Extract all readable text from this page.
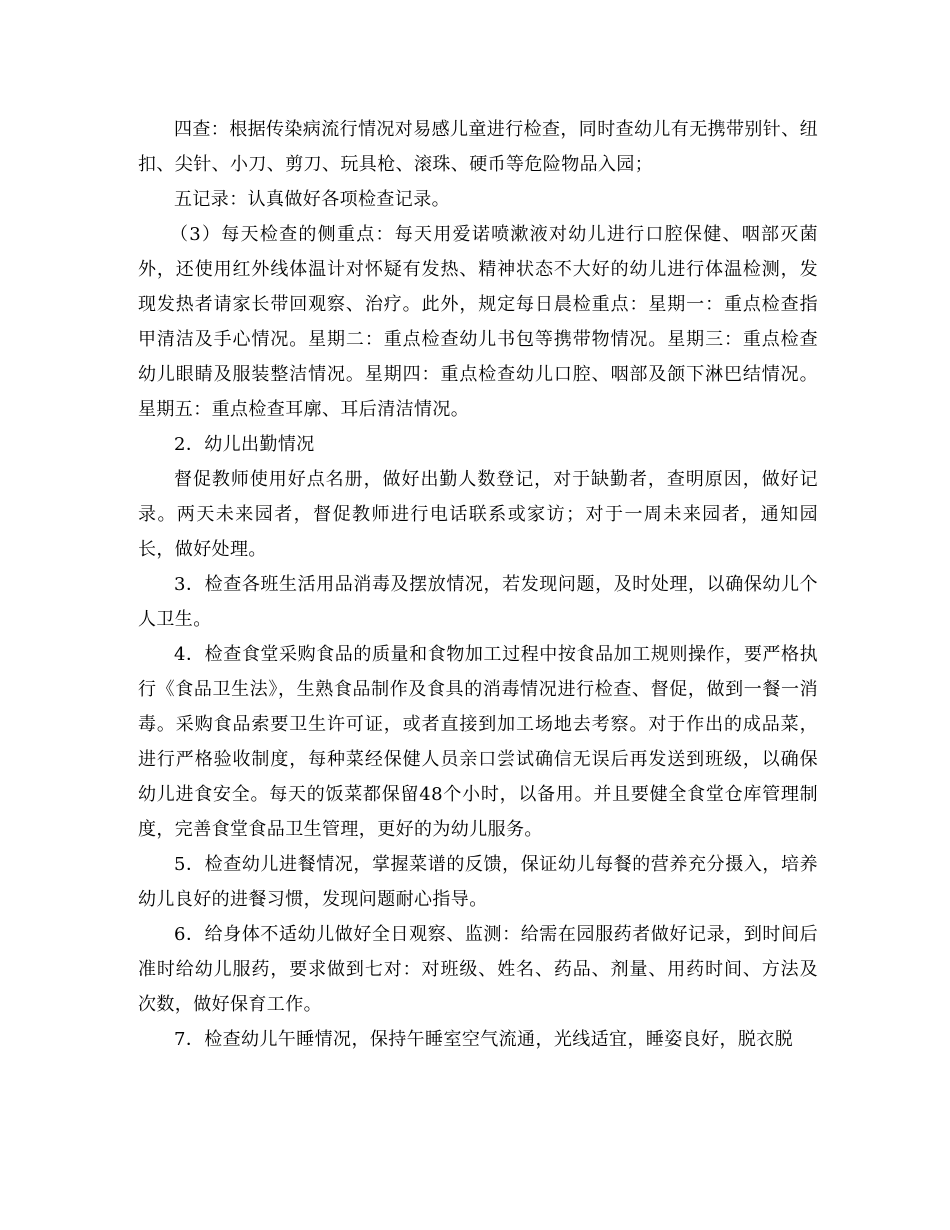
四查：根据传染病流行情况对易感儿童进行检查，同时查幼儿有无携带别针、纽扣、尖针、小刀、剪刀、玩具枪、滚珠、硬币等危险物品入园；

五记录：认真做好各项检查记录。

（3）每天检查的侧重点：每天用爱诺喷漱液对幼儿进行口腔保健、咽部灭菌外，还使用红外线体温计对怀疑有发热、精神状态不大好的幼儿进行体温检测，发现发热者请家长带回观察、治疗。此外，规定每日晨检重点：星期一：重点检查指甲清洁及手心情况。星期二：重点检查幼儿书包等携带物情况。星期三：重点检查幼儿眼睛及服装整洁情况。星期四：重点检查幼儿口腔、咽部及颌下淋巴结情况。星期五：重点检查耳廓、耳后清洁情况。

2．幼儿出勤情况

督促教师使用好点名册，做好出勤人数登记，对于缺勤者，查明原因，做好记录。两天未来园者，督促教师进行电话联系或家访；对于一周未来园者，通知园长，做好处理。

3．检查各班生活用品消毒及摆放情况，若发现问题，及时处理，以确保幼儿个人卫生。

4．检查食堂采购食品的质量和食物加工过程中按食品加工规则操作，要严格执行《食品卫生法》，生熟食品制作及食具的消毒情况进行检查、督促，做到一餐一消毒。采购食品索要卫生许可证，或者直接到加工场地去考察。对于作出的成品菜，进行严格验收制度，每种菜经保健人员亲口尝试确信无误后再发送到班级，以确保幼儿进食安全。每天的饭菜都保留48个小时，以备用。并且要健全食堂仓库管理制度，完善食堂食品卫生管理，更好的为幼儿服务。

5．检查幼儿进餐情况，掌握菜谱的反馈，保证幼儿每餐的营养充分摄入，培养幼儿良好的进餐习惯，发现问题耐心指导。

6．给身体不适幼儿做好全日观察、监测：给需在园服药者做好记录，到时间后准时给幼儿服药，要求做到七对：对班级、姓名、药品、剂量、用药时间、方法及次数，做好保育工作。

7．检查幼儿午睡情况，保持午睡室空气流通，光线适宜，睡姿良好，脱衣脱
